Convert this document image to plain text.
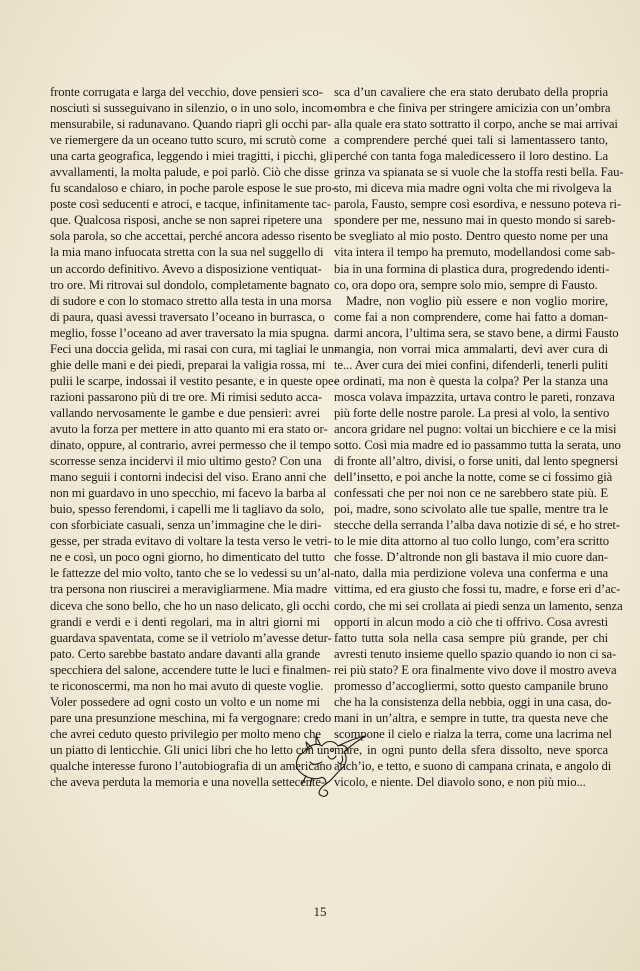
fronte corrugata e larga del vecchio, dove pensieri sco-
nosciuti si susseguivano in silenzio, o in uno solo, incom-
mensurabile, si radunavano. Quando riaprì gli occhi par-
ve riemergere da un oceano tutto scuro, mi scrutò come
una carta geografica, leggendo i miei tragitti, i picchi, gli
avvallamenti, la molta palude, e poi parlò. Ciò che disse
fu scandaloso e chiaro, in poche parole espose le sue pro-
poste così seducenti e atroci, e tacque, infinitamente tac-
que. Qualcosa risposi, anche se non saprei ripetere una
sola parola, so che accettai, perché ancora adesso risento
la mia mano infuocata stretta con la sua nel suggello di
un accordo definitivo. Avevo a disposizione ventiquat-
tro ore. Mi ritrovai sul dondolo, completamente bagnato
di sudore e con lo stomaco stretto alla testa in una morsa
di paura, quasi avessi traversato l’oceano in burrasca, o
meglio, fosse l’oceano ad aver traversato la mia spugna.
Feci una doccia gelida, mi rasai con cura, mi tagliai le un-
ghie delle mani e dei piedi, preparai la valigia rossa, mi
pulii le scarpe, indossai il vestito pesante, e in queste ope-
razioni passarono più di tre ore. Mi rimisi seduto acca-
vallando nervosamente le gambe e due pensieri: avrei
avuto la forza per mettere in atto quanto mi era stato or-
dinato, oppure, al contrario, avrei permesso che il tempo
scorresse senza incidervi il mio ultimo gesto? Con una
mano seguii i contorni indecisi del viso. Erano anni che
non mi guardavo in uno specchio, mi facevo la barba al
buio, spesso ferendomi, i capelli me li tagliavo da solo,
con sforbiciate casuali, senza un’immagine che le diri-
gesse, per strada evitavo di voltare la testa verso le vetri-
ne e così, un poco ogni giorno, ho dimenticato del tutto
le fattezze del mio volto, tanto che se lo vedessi su un’al-
tra persona non riuscirei a meravigliarmene. Mia madre
diceva che sono bello, che ho un naso delicato, gli occhi
grandi e verdi e i denti regolari, ma in altri giorni mi
guardava spaventata, come se il vetriolo m’avesse detur-
pato. Certo sarebbe bastato andare davanti alla grande
specchiera del salone, accendere tutte le luci e finalmen-
te riconoscermi, ma non ho mai avuto di queste voglie.
Voler possedere ad ogni costo un volto e un nome mi
pare una presunzione meschina, mi fa vergognare: credo
che avrei ceduto questo privilegio per molto meno che
un piatto di lenticchie. Gli unici libri che ho letto con un
qualche interesse furono l’autobiografia di un americano
che aveva perduta la memoria e una novella settecente-
sca d’un cavaliere che era stato derubato della propria
ombra e che finiva per stringere amicizia con un’ombra
alla quale era stato sottratto il corpo, anche se mai arrivai
a comprendere perché quei tali si lamentassero tanto,
perché con tanta foga maledicessero il loro destino. La
grinza va spianata se si vuole che la stoffa resti bella. Fau-
sto, mi diceva mia madre ogni volta che mi rivolgeva la
parola, Fausto, sempre così esordiva, e nessuno poteva ri-
spondere per me, nessuno mai in questo mondo si sareb-
be svegliato al mio posto. Dentro questo nome per una
vita intera il tempo ha premuto, modellandosi come sab-
bia in una formina di plastica dura, progredendo identi-
co, ora dopo ora, sempre solo mio, sempre di Fausto.
Madre, non voglio più essere e non voglio morire,
come fai a non comprendere, come hai fatto a doman-
darmi ancora, l’ultima sera, se stavo bene, a dirmi Fausto
mangia, non vorrai mica ammalarti, devi aver cura di
te... Aver cura dei miei confini, difenderli, tenerli puliti
e ordinati, ma non è questa la colpa? Per la stanza una
mosca volava impazzita, urtava contro le pareti, ronzava
più forte delle nostre parole. La presi al volo, la sentivo
ancora gridare nel pugno: voltai un bicchiere e ce la misi
sotto. Così mia madre ed io passammo tutta la serata, uno
di fronte all’altro, divisi, o forse uniti, dal lento spegnersi
dell’insetto, e poi anche la notte, come se ci fossimo già
confessati che per noi non ce ne sarebbero state più. E
poi, madre, sono scivolato alle tue spalle, mentre tra le
stecche della serranda l’alba dava notizie di sé, e ho stret-
to le mie dita attorno al tuo collo lungo, com’era scritto
che fosse. D’altronde non gli bastava il mio cuore dan-
nato, dalla mia perdizione voleva una conferma e una
vittima, ed era giusto che fossi tu, madre, e forse eri d’ac-
cordo, che mi sei crollata ai piedi senza un lamento, senza
opporti in alcun modo a ciò che ti offrivo. Cosa avresti
fatto tutta sola nella casa sempre più grande, per chi
avresti tenuto insieme quello spazio quando io non ci sa-
rei più stato? E ora finalmente vivo dove il mostro aveva
promesso d’accogliermi, sotto questo campanile bruno
che ha la consistenza della nebbia, oggi in una casa, do-
mani in un’altra, e sempre in tutte, tra questa neve che
scompone il cielo e rialza la terra, come una lacrima nel
mare, in ogni punto della sfera dissolto, neve sporca
anch’io, e tetto, e suono di campana crinata, e angolo di
vicolo, e niente. Del diavolo sono, e non più mio...
15
